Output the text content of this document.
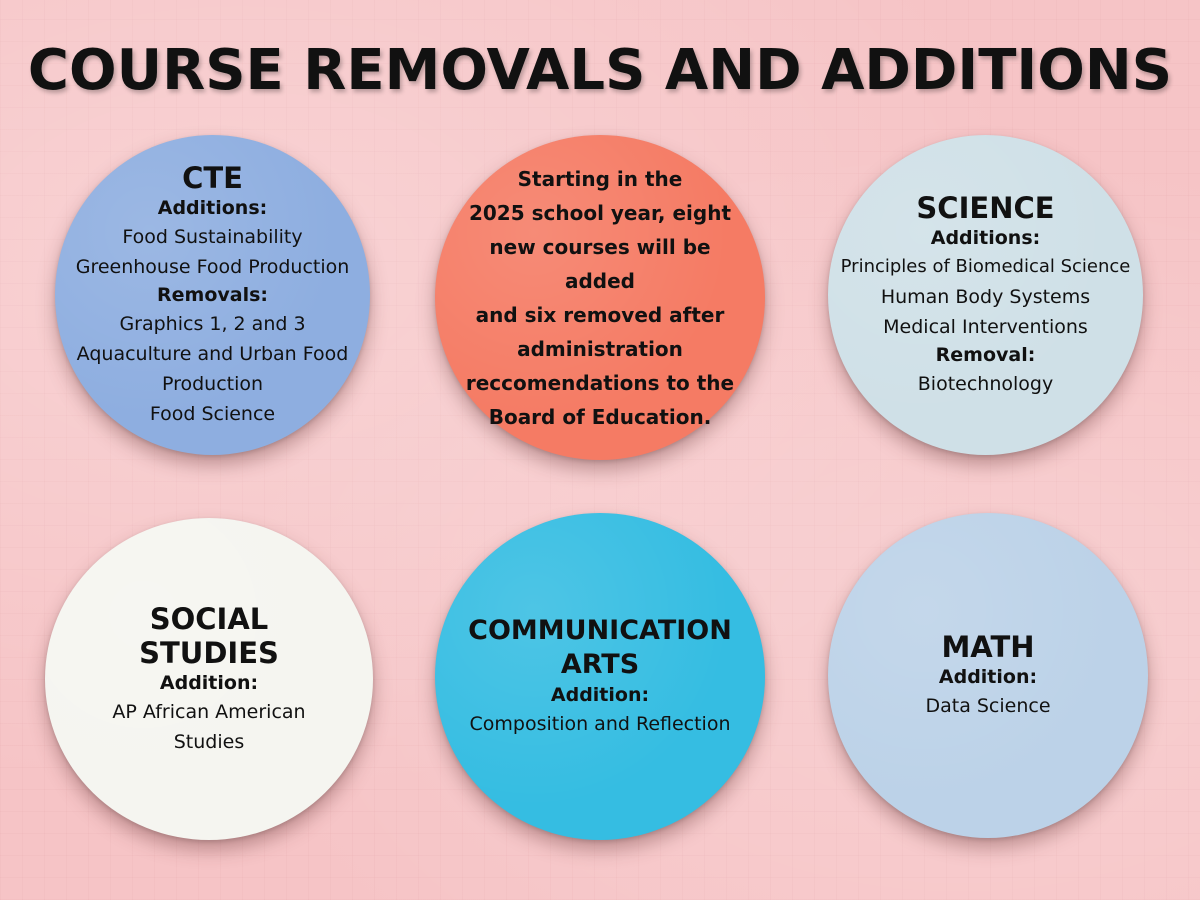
COURSE REMOVALS AND ADDITIONS
CTE
Additions:
Food Sustainability
Greenhouse Food Production
Removals:
Graphics 1, 2 and 3
Aquaculture and Urban Food
Production
Food Science
Starting in the
2025 school year, eight
new courses will be added
and six removed after
administration
reccomendations to the
Board of Education.
SCIENCE
Additions:
Principles of Biomedical Science
Human Body Systems
Medical Interventions
Removal:
Biotechnology
SOCIAL
STUDIES
Addition:
AP African American
Studies
COMMUNICATION
ARTS
Addition:
Composition and Reflection
MATH
Addition:
Data Science
